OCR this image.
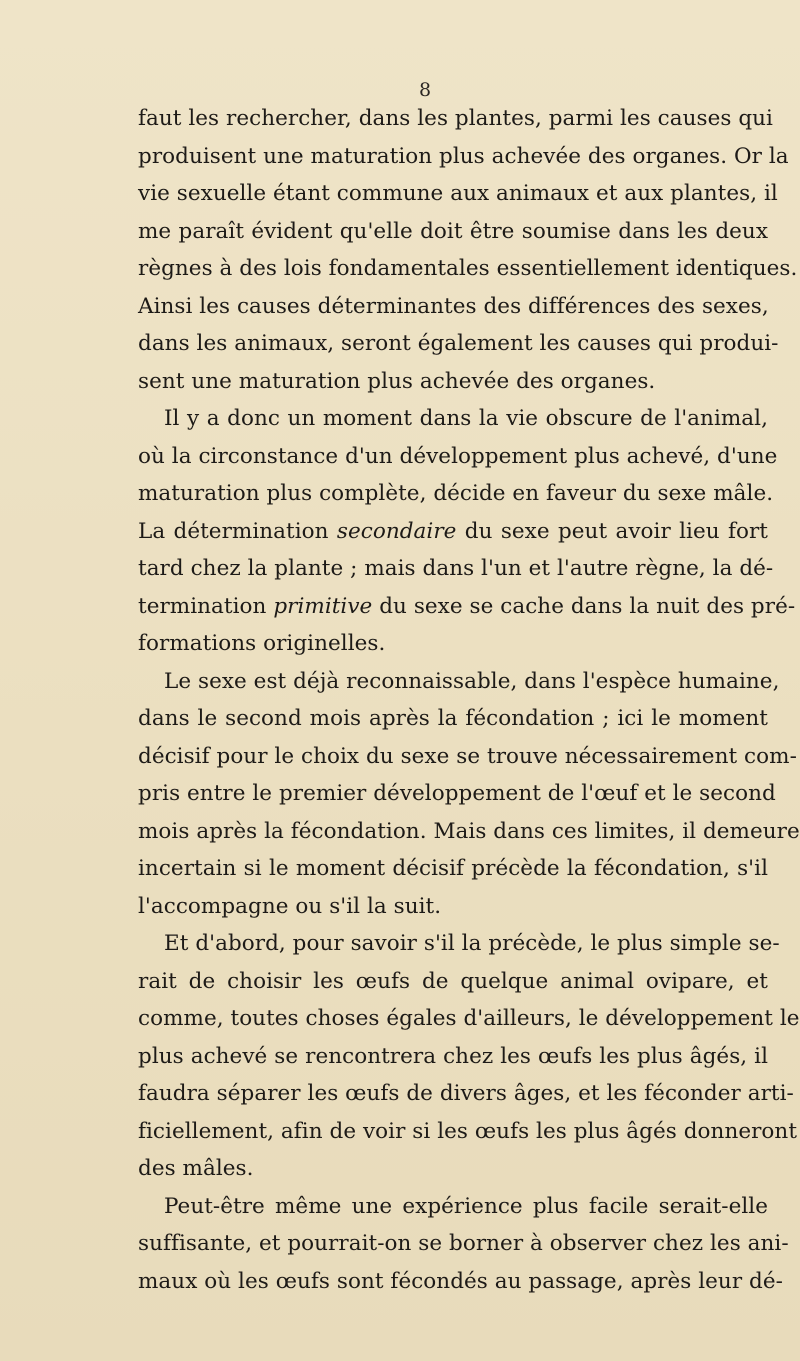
8
faut les rechercher, dans les plantes, parmi les causes qui
produisent une maturation plus achevée des organes. Or la
vie sexuelle étant commune aux animaux et aux plantes, il
me paraît évident qu'elle doit être soumise dans les deux
règnes à des lois fondamentales essentiellement identiques.
Ainsi les causes déterminantes des différences des sexes,
dans les animaux, seront également les causes qui produi-
sent une maturation plus achevée des organes.
Il y a donc un moment dans la vie obscure de l'animal,
où la circonstance d'un développement plus achevé, d'une
maturation plus complète, décide en faveur du sexe mâle.
La détermination secondaire du sexe peut avoir lieu fort
tard chez la plante ; mais dans l'un et l'autre règne, la dé-
termination primitive du sexe se cache dans la nuit des pré-
formations originelles.
Le sexe est déjà reconnaissable, dans l'espèce humaine,
dans le second mois après la fécondation ; ici le moment
décisif pour le choix du sexe se trouve nécessairement com-
pris entre le premier développement de l'œuf et le second
mois après la fécondation. Mais dans ces limites, il demeure
incertain si le moment décisif précède la fécondation, s'il
l'accompagne ou s'il la suit.
Et d'abord, pour savoir s'il la précède, le plus simple se-
rait de choisir les œufs de quelque animal ovipare, et
comme, toutes choses égales d'ailleurs, le développement le
plus achevé se rencontrera chez les œufs les plus âgés, il
faudra séparer les œufs de divers âges, et les féconder arti-
ficiellement, afin de voir si les œufs les plus âgés donneront
des mâles.
Peut-être même une expérience plus facile serait-elle
suffisante, et pourrait-on se borner à observer chez les ani-
maux où les œufs sont fécondés au passage, après leur dé-
